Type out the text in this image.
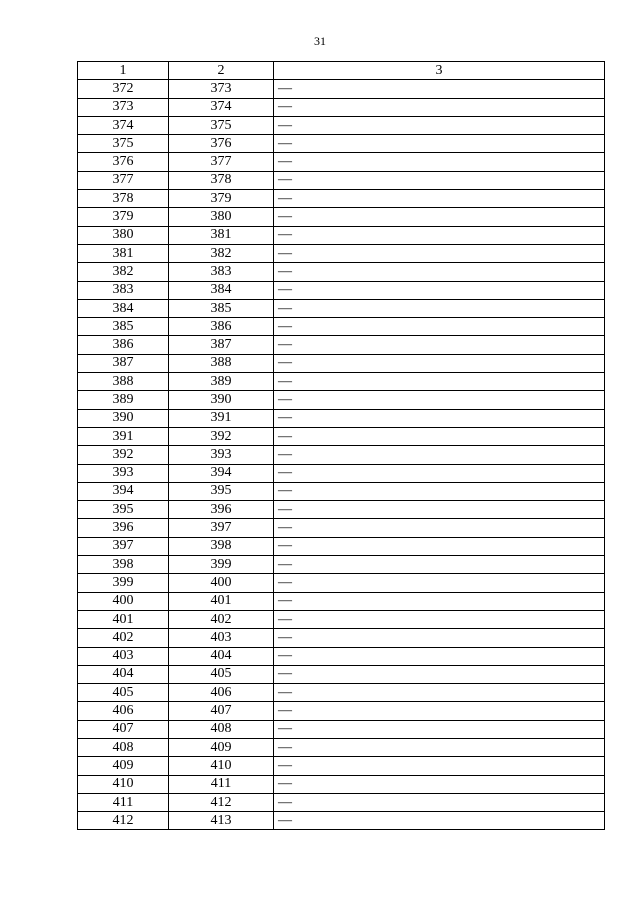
31
1	2	3
372	373	—
373	374	—
374	375	—
375	376	—
376	377	—
377	378	—
378	379	—
379	380	—
380	381	—
381	382	—
382	383	—
383	384	—
384	385	—
385	386	—
386	387	—
387	388	—
388	389	—
389	390	—
390	391	—
391	392	—
392	393	—
393	394	—
394	395	—
395	396	—
396	397	—
397	398	—
398	399	—
399	400	—
400	401	—
401	402	—
402	403	—
403	404	—
404	405	—
405	406	—
406	407	—
407	408	—
408	409	—
409	410	—
410	411	—
411	412	—
412	413	—
